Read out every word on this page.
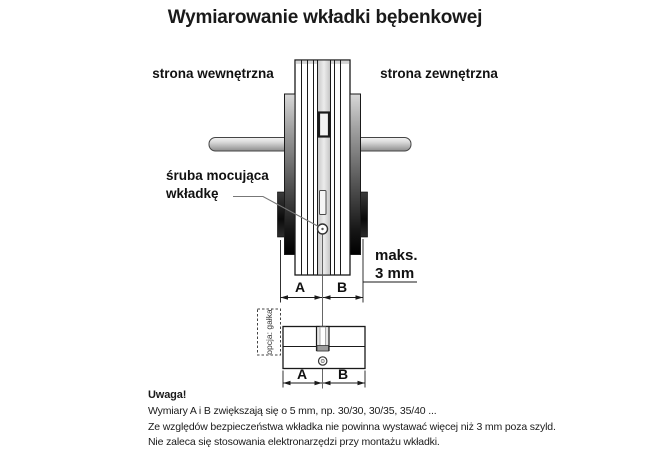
Wymiarowanie wkładki bębenkowej
strona wewnętrzna	strona zewnętrzna
śruba mocująca
wkładkę
maks.
3 mm
A B
A B
opcja: gałka
Uwaga!
Wymiary A i B zwiększają się o 5 mm, np. 30/30, 30/35, 35/40 ...
Ze względów bezpieczeństwa wkładka nie powinna wystawać więcej niż 3 mm poza szyld.
Nie zaleca się stosowania elektronarzędzi przy montażu wkładki.
